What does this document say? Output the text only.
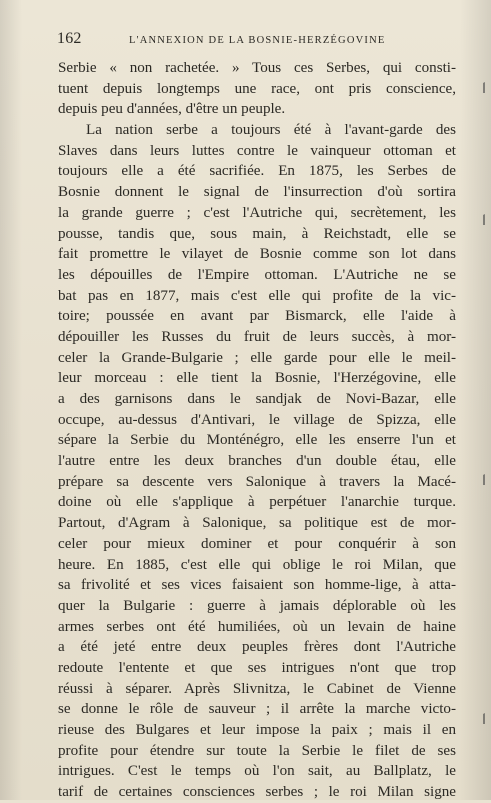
162	L'ANNEXION DE LA BOSNIE-HERZÉGOVINE
Serbie « non rachetée. » Tous ces Serbes, qui consti-
tuent depuis longtemps une race, ont pris conscience,
depuis peu d'années, d'être un peuple.
La nation serbe a toujours été à l'avant-garde des
Slaves dans leurs luttes contre le vainqueur ottoman et
toujours elle a été sacrifiée. En 1875, les Serbes de
Bosnie donnent le signal de l'insurrection d'où sortira
la grande guerre ; c'est l'Autriche qui, secrètement, les
pousse, tandis que, sous main, à Reichstadt, elle se
fait promettre le vilayet de Bosnie comme son lot dans
les dépouilles de l'Empire ottoman. L'Autriche ne se
bat pas en 1877, mais c'est elle qui profite de la vic-
toire; poussée en avant par Bismarck, elle l'aide à
dépouiller les Russes du fruit de leurs succès, à mor-
celer la Grande-Bulgarie ; elle garde pour elle le meil-
leur morceau : elle tient la Bosnie, l'Herzégovine, elle
a des garnisons dans le sandjak de Novi-Bazar, elle
occupe, au-dessus d'Antivari, le village de Spizza, elle
sépare la Serbie du Monténégro, elle les enserre l'un et
l'autre entre les deux branches d'un double étau, elle
prépare sa descente vers Salonique à travers la Macé-
doine où elle s'applique à perpétuer l'anarchie turque.
Partout, d'Agram à Salonique, sa politique est de mor-
celer pour mieux dominer et pour conquérir à son
heure. En 1885, c'est elle qui oblige le roi Milan, que
sa frivolité et ses vices faisaient son homme-lige, à atta-
quer la Bulgarie : guerre à jamais déplorable où les
armes serbes ont été humiliées, où un levain de haine
a été jeté entre deux peuples frères dont l'Autriche
redoute l'entente et que ses intrigues n'ont que trop
réussi à séparer. Après Slivnitza, le Cabinet de Vienne
se donne le rôle de sauveur ; il arrête la marche victo-
rieuse des Bulgares et leur impose la paix ; mais il en
profite pour étendre sur toute la Serbie le filet de ses
intrigues. C'est le temps où l'on sait, au Ballplatz, le
tarif de certaines consciences serbes ; le roi Milan signe
